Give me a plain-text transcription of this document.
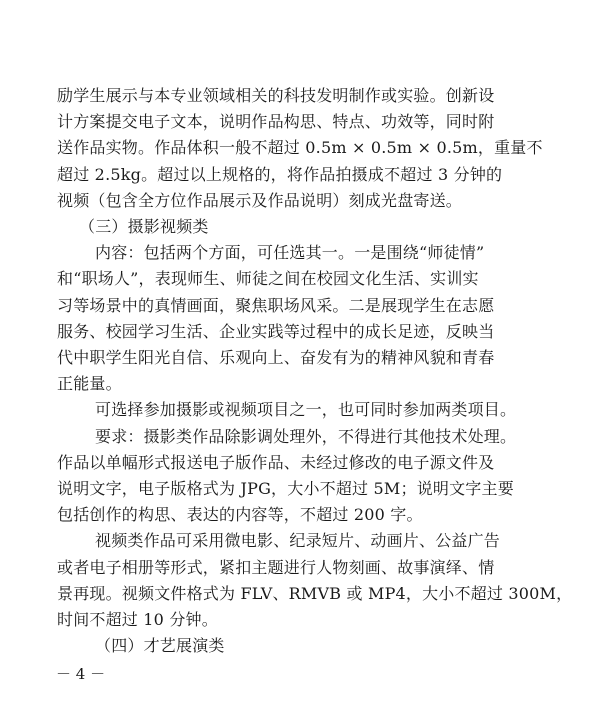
励学生展示与本专业领域相关的科技发明制作或实验。创新设
计方案提交电子文本，说明作品构思、特点、功效等，同时附
送作品实物。作品体积一般不超过 0.5m × 0.5m × 0.5m，重量不
超过 2.5kg。超过以上规格的，将作品拍摄成不超过 3 分钟的
视频（包含全方位作品展示及作品说明）刻成光盘寄送。
（三）摄影视频类
内容：包括两个方面，可任选其一。一是围绕“师徒情”
和“职场人”，表现师生、师徒之间在校园文化生活、实训实
习等场景中的真情画面，聚焦职场风采。二是展现学生在志愿
服务、校园学习生活、企业实践等过程中的成长足迹，反映当
代中职学生阳光自信、乐观向上、奋发有为的精神风貌和青春
正能量。
可选择参加摄影或视频项目之一，也可同时参加两类项目。
要求：摄影类作品除影调处理外，不得进行其他技术处理。
作品以单幅形式报送电子版作品、未经过修改的电子源文件及
说明文字，电子版格式为 JPG，大小不超过 5M；说明文字主要
包括创作的构思、表达的内容等，不超过 200 字。
视频类作品可采用微电影、纪录短片、动画片、公益广告
或者电子相册等形式，紧扣主题进行人物刻画、故事演绎、情
景再现。视频文件格式为 FLV、RMVB 或 MP4，大小不超过 300M，
时间不超过 10 分钟。
（四）才艺展演类
－ 4 －
